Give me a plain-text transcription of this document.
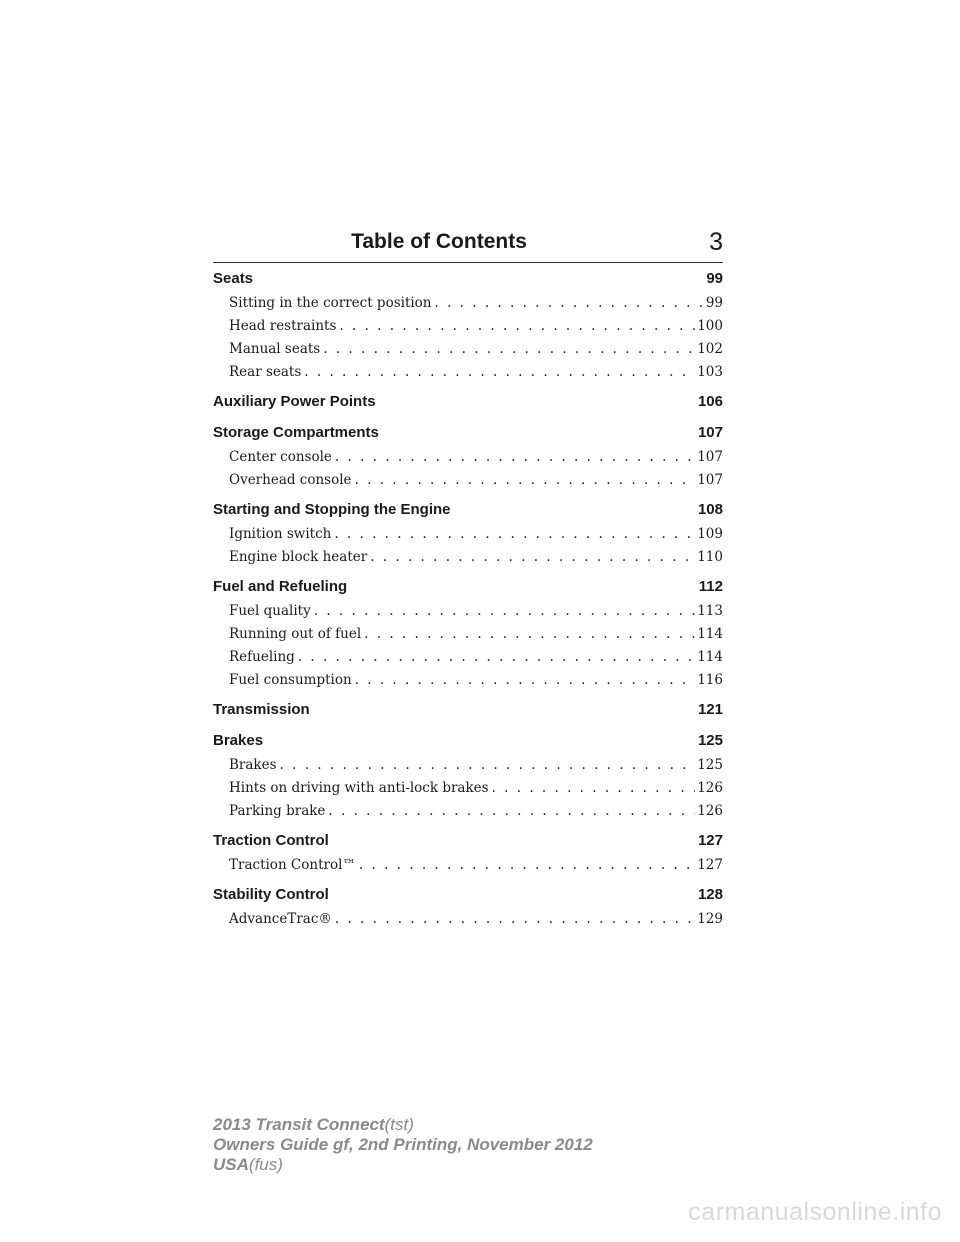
Table of Contents	3
Seats	99
Sitting in the correct position . . .	99
Head restraints . . .	100
Manual seats . . .	102
Rear seats . . .	103
Auxiliary Power Points	106
Storage Compartments	107
Center console . . .	107
Overhead console . . .	107
Starting and Stopping the Engine	108
Ignition switch . . .	109
Engine block heater . . .	110
Fuel and Refueling	112
Fuel quality . . .	113
Running out of fuel . . .	114
Refueling . . .	114
Fuel consumption . . .	116
Transmission	121
Brakes	125
Brakes . . .	125
Hints on driving with anti-lock brakes . . .	126
Parking brake . . .	126
Traction Control	127
Traction Control™ . . .	127
Stability Control	128
AdvanceTrac® . . .	129
2013 Transit Connect(tst)
Owners Guide gf, 2nd Printing, November 2012
USA(fus)
carmanualsonline.info
